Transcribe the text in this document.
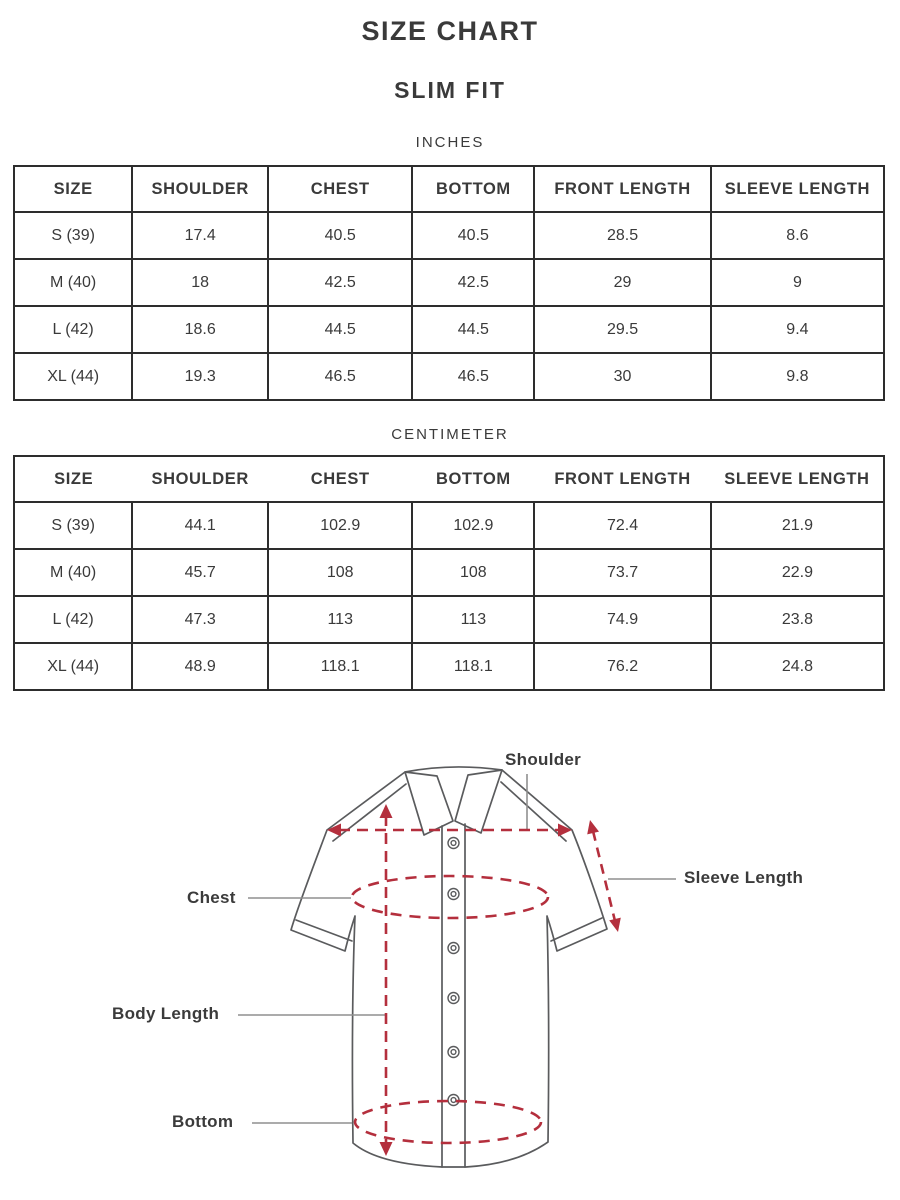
SIZE CHART
SLIM FIT
INCHES
SIZE	SHOULDER	CHEST	BOTTOM	FRONT LENGTH	SLEEVE LENGTH
S (39)	17.4	40.5	40.5	28.5	8.6
M (40)	18	42.5	42.5	29	9
L (42)	18.6	44.5	44.5	29.5	9.4
XL (44)	19.3	46.5	46.5	30	9.8
CENTIMETER
SIZE	SHOULDER	CHEST	BOTTOM	FRONT LENGTH	SLEEVE LENGTH
S (39)	44.1	102.9	102.9	72.4	21.9
M (40)	45.7	108	108	73.7	22.9
L (42)	47.3	113	113	74.9	23.8
XL (44)	48.9	118.1	118.1	76.2	24.8
Shoulder
Sleeve Length
Chest
Body Length
Bottom
